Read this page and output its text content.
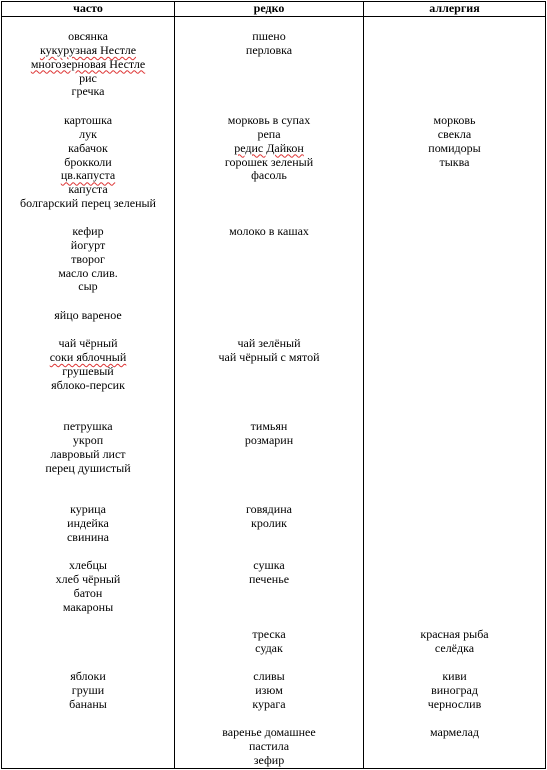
часто	редко	аллергия
овсянка
кукурузная Нестле
многозерновая Нестле
рис
гречка
пшено
перловка
картошка
лук
кабачок
брокколи
цв.капуста
капуста
болгарский перец зеленый
морковь в супах
репа
редис Дайкон
горошек зеленый
фасоль
морковь
свекла
помидоры
тыква
кефир
йогурт
творог
масло слив.
сыр
молоко в кашах
яйцо вареное
чай чёрный
соки яблочный
грушевый
яблоко-персик
чай зелёный
чай чёрный с мятой
петрушка
укроп
лавровый лист
перец душистый
тимьян
розмарин
курица
индейка
свинина
говядина
кролик
хлебцы
хлеб чёрный
батон
макароны
сушка
печенье
треска
судак
красная рыба
селёдка
яблоки
груши
бананы
сливы
изюм
курага
киви
виноград
чернослив
варенье домашнее
пастила
зефир
мармелад
